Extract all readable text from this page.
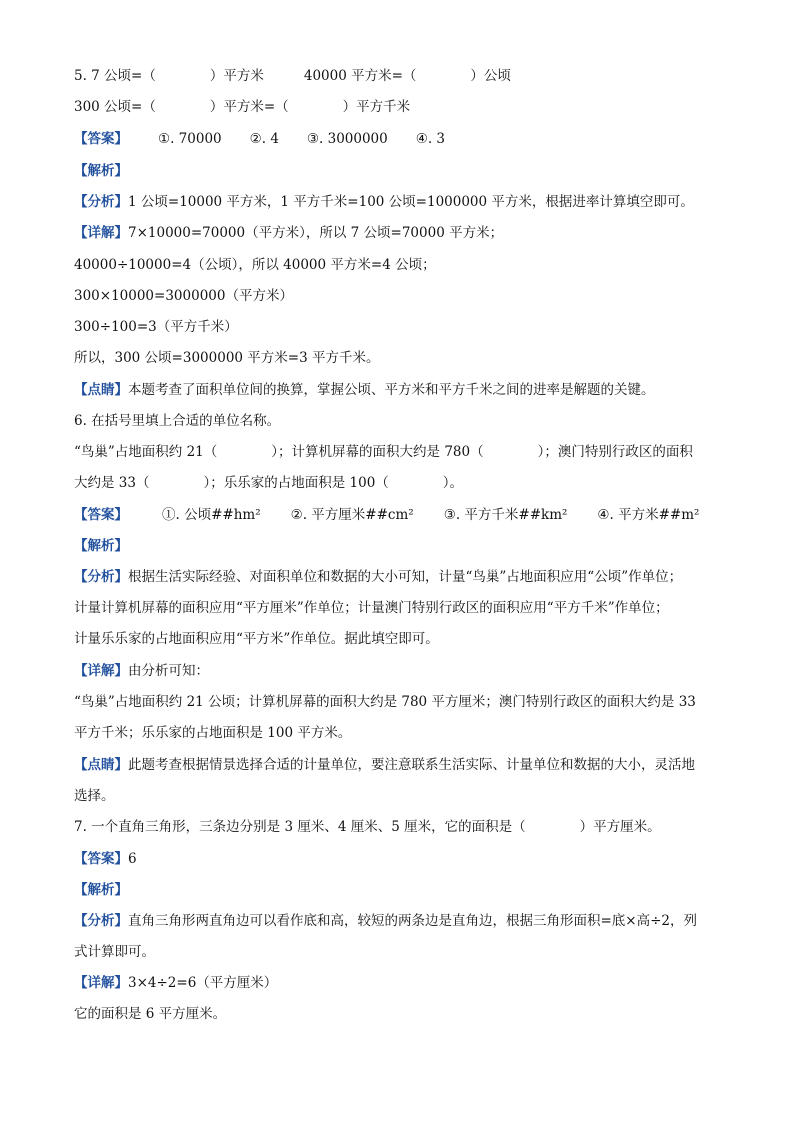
5. 7 公顷=（　　　　）平方米	40000 平方米=（　　　　）公顷
300 公顷=（　　　　）平方米=（　　　　）平方千米
【答案】 ①. 70000 ②. 4 ③. 3000000 ④. 3
【解析】
【分析】1 公顷=10000 平方米，1 平方千米=100 公顷=1000000 平方米，根据进率计算填空即可。
【详解】7×10000=70000（平方米），所以 7 公顷=70000 平方米；
40000÷10000=4（公顷），所以 40000 平方米=4 公顷；
300×10000=3000000（平方米）
300÷100=3（平方千米）
所以，300 公顷=3000000 平方米=3 平方千米。
【点睛】本题考查了面积单位间的换算，掌握公顷、平方米和平方千米之间的进率是解题的关键。
6. 在括号里填上合适的单位名称。
“鸟巢”占地面积约 21（　　　　）；计算机屏幕的面积大约是 780（　　　　）；澳门特别行政区的面积
大约是 33（　　　　）；乐乐家的占地面积是 100（　　　　）。
【答案】	①. 公顷##hm² ②. 平方厘米##cm² ③. 平方千米##km² ④. 平方米##m²
【解析】
【分析】根据生活实际经验、对面积单位和数据的大小可知，计量“鸟巢”占地面积应用“公顷”作单位；
计量计算机屏幕的面积应用“平方厘米”作单位；计量澳门特别行政区的面积应用“平方千米”作单位；
计量乐乐家的占地面积应用“平方米”作单位。据此填空即可。
【详解】由分析可知：
“鸟巢”占地面积约 21 公顷；计算机屏幕的面积大约是 780 平方厘米；澳门特别行政区的面积大约是 33
平方千米；乐乐家的占地面积是 100 平方米。
【点睛】此题考查根据情景选择合适的计量单位，要注意联系生活实际、计量单位和数据的大小，灵活地
选择。
7. 一个直角三角形，三条边分别是 3 厘米、4 厘米、5 厘米，它的面积是（　　　　）平方厘米。
【答案】6
【解析】
【分析】直角三角形两直角边可以看作底和高，较短的两条边是直角边，根据三角形面积=底×高÷2，列
式计算即可。
【详解】3×4÷2=6（平方厘米）
它的面积是 6 平方厘米。
